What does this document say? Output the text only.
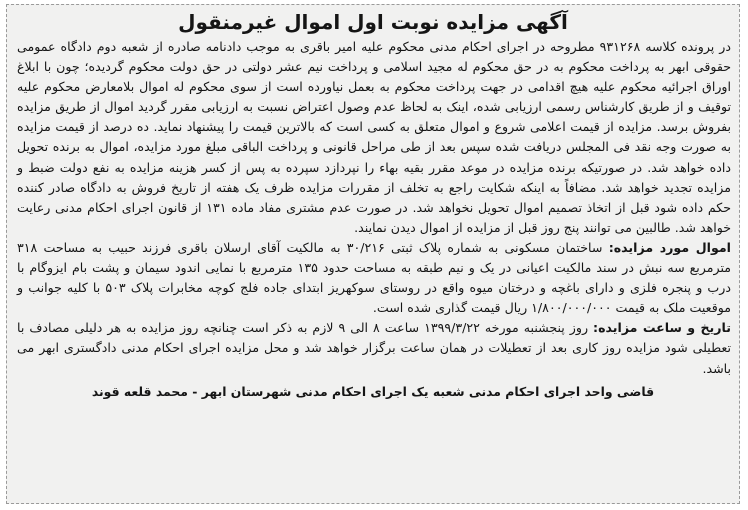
آگهی مزایده نوبت اول اموال غیرمنقول

در پرونده کلاسه ۹۳۱۲۶۸ مطروحه در اجرای احکام مدنی محکوم علیه امیر باقری به موجب دادنامه صادره از شعبه دوم دادگاه عمومی حقوقی ابهر به پرداخت محکوم به در حق محکوم له مجید اسلامی و پرداخت نیم عشر دولتی در حق دولت محکوم گردیده؛ چون با ابلاغ اوراق اجرائیه محکوم علیه هیچ اقدامی در جهت پرداخت محکوم به بعمل نیاورده است از سوی محکوم له اموال بلامعارض محکوم علیه توقیف و از طریق کارشناس رسمی ارزیابی شده، اینک به لحاظ عدم وصول اعتراض نسبت به ارزیابی مقرر گردید اموال از طریق مزایده بفروش برسد. مزایده از قیمت اعلامی شروع و اموال متعلق به کسی است که بالاترین قیمت را پیشنهاد نماید. ده درصد از قیمت مزایده به صورت وجه نقد فی المجلس دریافت شده سپس بعد از طی مراحل قانونی و پرداخت الباقی مبلغ مورد مزایده، اموال به برنده تحویل داده خواهد شد. در صورتیکه برنده مزایده در موعد مقرر بقیه بهاء را نپردازد سپرده به پس از کسر هزینه مزایده به نفع دولت ضبط و مزایده تجدید خواهد شد. مضافاً به اینکه شکایت راجع به تخلف از مقررات مزایده ظرف یک هفته از تاریخ فروش به دادگاه صادر کننده حکم داده شود قبل از اتخاذ تصمیم اموال تحویل نخواهد شد. در صورت عدم مشتری مفاد ماده ۱۳۱ از قانون اجرای احکام مدنی رعایت خواهد شد. طالبین می توانند پنج روز قبل از مزایده از اموال دیدن نمایند.

اموال مورد مزایده: ساختمان مسکونی به شماره پلاک ثبتی ۳۰/۲۱۶ به مالکیت آقای ارسلان باقری فرزند حبیب به مساحت ۳۱۸ مترمربع سه نبش در سند مالکیت اعیانی در یک و نیم طبقه به مساحت حدود ۱۳۵ مترمربع با نمایی اندود سیمان و پشت بام ایزوگام با درب و پنجره فلزی و دارای باغچه و درختان میوه واقع در روستای سوکهریز ابتدای جاده فلج کوچه مخابرات پلاک ۵۰۳ با کلیه جوانب و موقعیت ملک به قیمت ۱/۸۰۰/۰۰۰/۰۰۰ ریال قیمت گذاری شده است.

تاریخ و ساعت مزایده: روز پنجشنبه مورخه ۱۳۹۹/۳/۲۲ ساعت ۸ الی ۹ لازم به ذکر است چنانچه روز مزایده به هر دلیلی مصادف با تعطیلی شود مزایده روز کاری بعد از تعطیلات در همان ساعت برگزار خواهد شد و محل مزایده اجرای احکام مدنی دادگستری ابهر می باشد.

قاضی واحد اجرای احکام مدنی شعبه یک اجرای احکام مدنی شهرستان ابهر - محمد قلعه قوند
